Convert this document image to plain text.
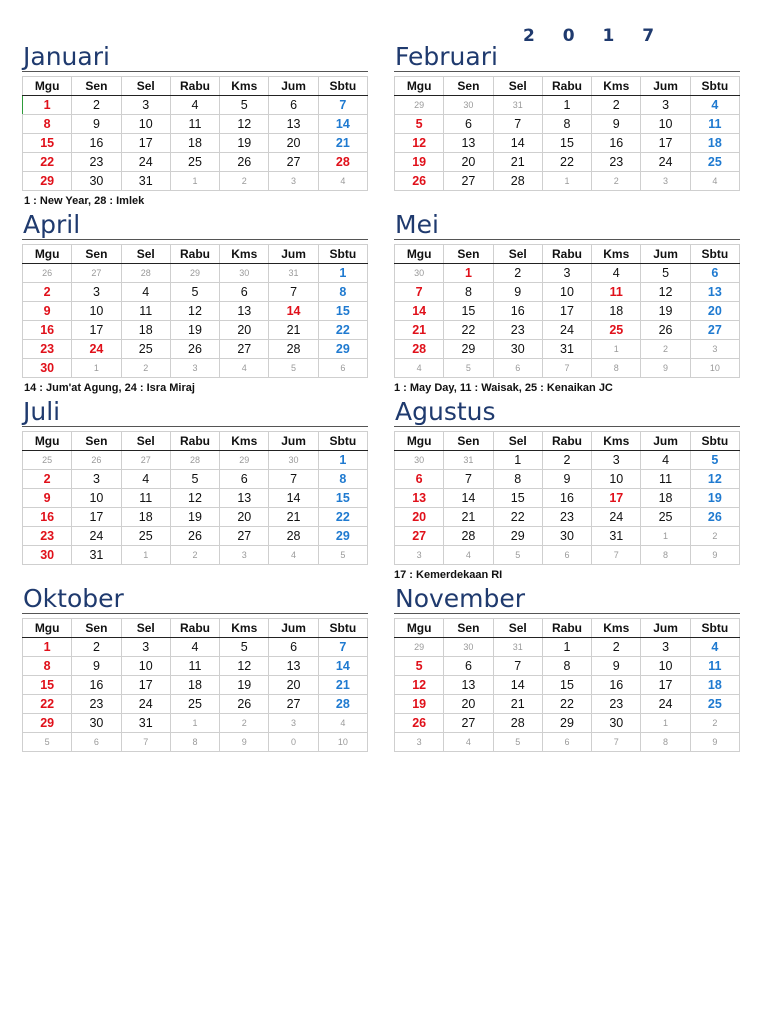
2 0 1 7
Januari
Mgu	Sen	Sel	Rabu	Kms	Jum	Sbtu
1	2	3	4	5	6	7
8	9	10	11	12	13	14
15	16	17	18	19	20	21
22	23	24	25	26	27	28
29	30	31	1	2	3	4
1 : New Year, 28 : Imlek
Februari
Mgu	Sen	Sel	Rabu	Kms	Jum	Sbtu
29	30	31	1	2	3	4
5	6	7	8	9	10	11
12	13	14	15	16	17	18
19	20	21	22	23	24	25
26	27	28	1	2	3	4
April
Mgu	Sen	Sel	Rabu	Kms	Jum	Sbtu
26	27	28	29	30	31	1
2	3	4	5	6	7	8
9	10	11	12	13	14	15
16	17	18	19	20	21	22
23	24	25	26	27	28	29
30	1	2	3	4	5	6
14 : Jum'at Agung, 24 : Isra Miraj
Mei
Mgu	Sen	Sel	Rabu	Kms	Jum	Sbtu
30	1	2	3	4	5	6
7	8	9	10	11	12	13
14	15	16	17	18	19	20
21	22	23	24	25	26	27
28	29	30	31	1	2	3
4	5	6	7	8	9	10
1 : May Day, 11 : Waisak, 25 : Kenaikan JC
Juli
Mgu	Sen	Sel	Rabu	Kms	Jum	Sbtu
25	26	27	28	29	30	1
2	3	4	5	6	7	8
9	10	11	12	13	14	15
16	17	18	19	20	21	22
23	24	25	26	27	28	29
30	31	1	2	3	4	5
Agustus
Mgu	Sen	Sel	Rabu	Kms	Jum	Sbtu
30	31	1	2	3	4	5
6	7	8	9	10	11	12
13	14	15	16	17	18	19
20	21	22	23	24	25	26
27	28	29	30	31	1	2
3	4	5	6	7	8	9
17 : Kemerdekaan RI
Oktober
Mgu	Sen	Sel	Rabu	Kms	Jum	Sbtu
1	2	3	4	5	6	7
8	9	10	11	12	13	14
15	16	17	18	19	20	21
22	23	24	25	26	27	28
29	30	31	1	2	3	4
5	6	7	8	9	0	10
November
Mgu	Sen	Sel	Rabu	Kms	Jum	Sbtu
29	30	31	1	2	3	4
5	6	7	8	9	10	11
12	13	14	15	16	17	18
19	20	21	22	23	24	25
26	27	28	29	30	1	2
3	4	5	6	7	8	9
